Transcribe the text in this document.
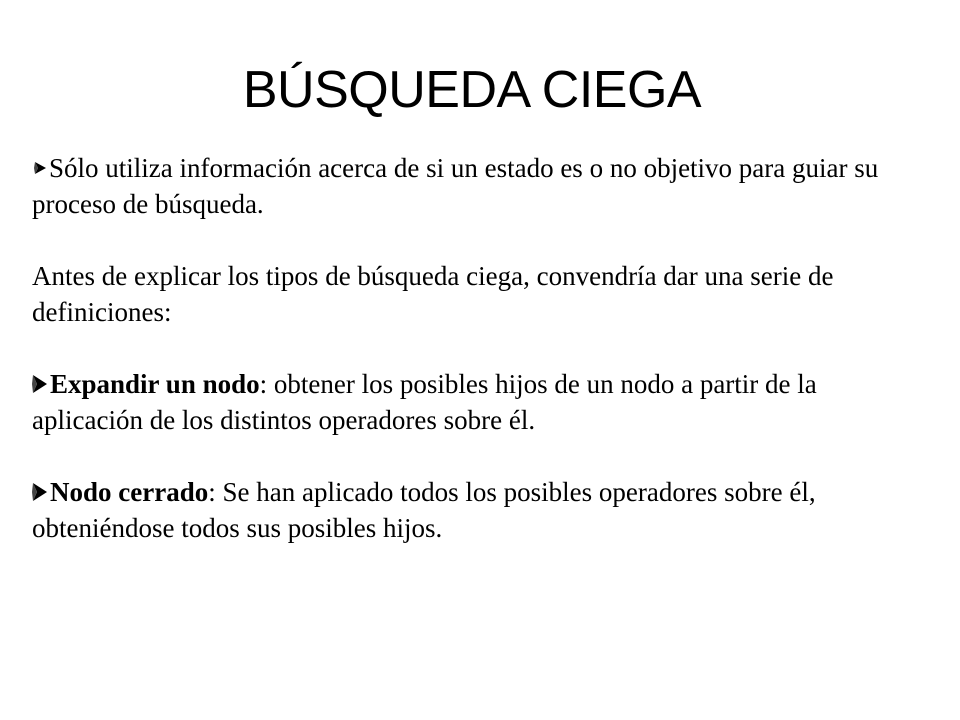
BÚSQUEDA CIEGA

Sólo utiliza información acerca de si un estado es o no objetivo para guiar su proceso de búsqueda.

Antes de explicar los tipos de búsqueda ciega, convendría dar una serie de definiciones:

Expandir un nodo: obtener los posibles hijos de un nodo a partir de la aplicación de los distintos operadores sobre él.

Nodo cerrado: Se han aplicado todos los posibles operadores sobre él, obteniéndose todos sus posibles hijos.
